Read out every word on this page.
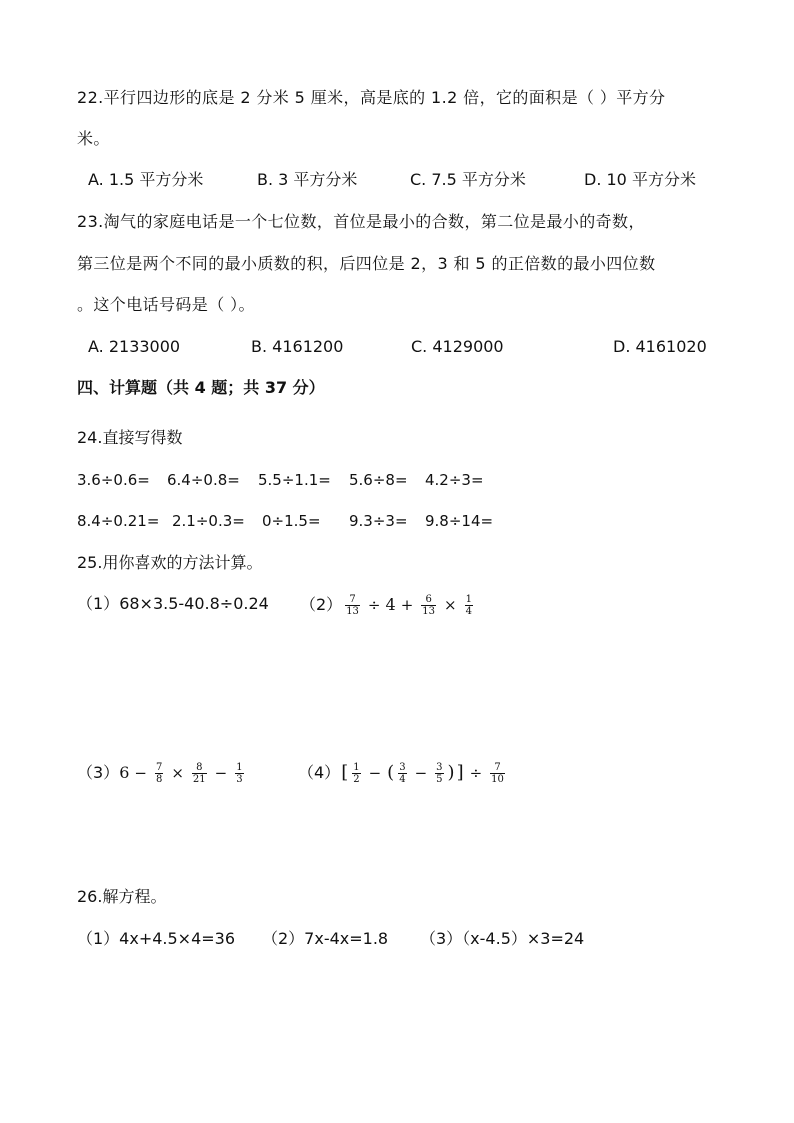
22.平行四边形的底是 2 分米 5 厘米，高是底的 1.2 倍，它的面积是（ ）平方分
米。
A. 1.5 平方分米	B. 3 平方分米	C. 7.5 平方分米	D. 10 平方分米
23.淘气的家庭电话是一个七位数，首位是最小的合数，第二位是最小的奇数，
第三位是两个不同的最小质数的积，后四位是 2，3 和 5 的正倍数的最小四位数
。这个电话号码是（ ）。
A. 2133000	B. 4161200	C. 4129000	D. 4161020
四、计算题（共 4 题；共 37 分）
24.直接写得数
3.6÷0.6= 6.4÷0.8= 5.5÷1.1= 5.6÷8= 4.2÷3=
8.4÷0.21= 2.1÷0.3= 0÷1.5= 9.3÷3= 9.8÷14=
25.用你喜欢的方法计算。
（1） 68×3.5-40.8÷0.24 $(2) \frac{7}{13} \div 4 + \frac{6}{13} \times \frac{1}{4}$
（3） $6 - \frac{7}{8} \times \frac{8}{21} - \frac{1}{3}$	（4） [ $\frac{1}{2}$ − ( $\frac{3}{4} - \frac{3}{5}$ ) ] ÷ $\frac{7}{10}$
26.解方程。
（1）4x+4.5×4=36 （2）7x-4x=1.8 （3）（x-4.5）×3=24
